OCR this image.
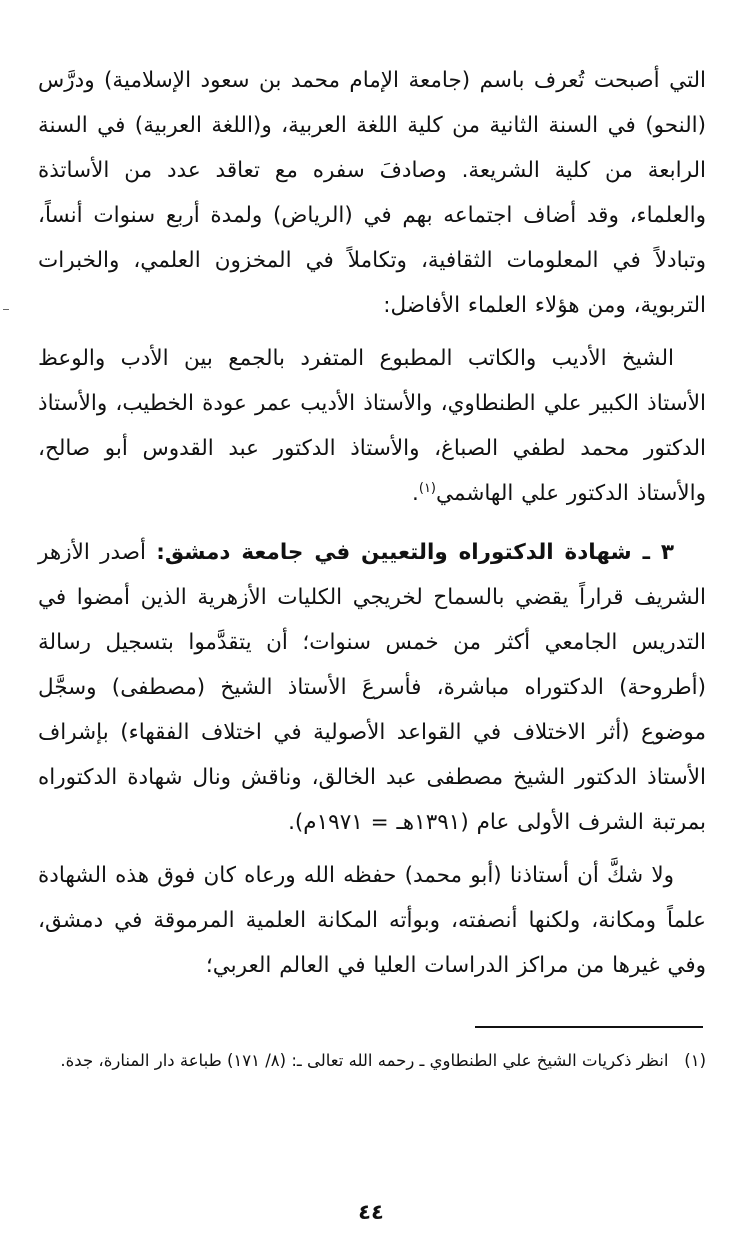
التي أصبحت تُعرف باسم (جامعة الإمام محمد بن سعود الإسلامية) ودرَّس (النحو) في السنة الثانية من كلية اللغة العربية، و(اللغة العربية) في السنة الرابعة من كلية الشريعة. وصادفَ سفره مع تعاقد عدد من الأساتذة والعلماء، وقد أضاف اجتماعه بهم في (الرياض) ولمدة أربع سنوات أنساً، وتبادلاً في المعلومات الثقافية، وتكاملاً في المخزون العلمي، والخبرات التربوية، ومن هؤلاء العلماء الأفاضل:

الشيخ الأديب والكاتب المطبوع المتفرد بالجمع بين الأدب والوعظ الأستاذ الكبير علي الطنطاوي، والأستاذ الأديب عمر عودة الخطيب، والأستاذ الدكتور محمد لطفي الصباغ، والأستاذ الدكتور عبد القدوس أبو صالح، والأستاذ الدكتور علي الهاشمي$^{(١)}$.

٣ ـ شهادة الدكتوراه والتعيين في جامعة دمشق: أصدر الأزهر الشريف قراراً يقضي بالسماح لخريجي الكليات الأزهرية الذين أمضوا في التدريس الجامعي أكثر من خمس سنوات؛ أن يتقدَّموا بتسجيل رسالة (أطروحة) الدكتوراه مباشرة، فأسرعَ الأستاذ الشيخ (مصطفى) وسجَّل موضوع (أثر الاختلاف في القواعد الأصولية في اختلاف الفقهاء) بإشراف الأستاذ الدكتور الشيخ مصطفى عبد الخالق، وناقش ونال شهادة الدكتوراه بمرتبة الشرف الأولى عام (١٣٩١هـ = ١٩٧١م).

ولا شكَّ أن أستاذنا (أبو محمد) حفظه الله ورعاه كان فوق هذه الشهادة علماً ومكانة، ولكنها أنصفته، وبوأته المكانة العلمية المرموقة في دمشق، وفي غيرها من مراكز الدراسات العليا في العالم العربي؛

(١)   انظر ذكريات الشيخ علي الطنطاوي ـ رحمه الله تعالى ـ: (٨/ ١٧١) طباعة دار المنارة، جدة.

٤٤
